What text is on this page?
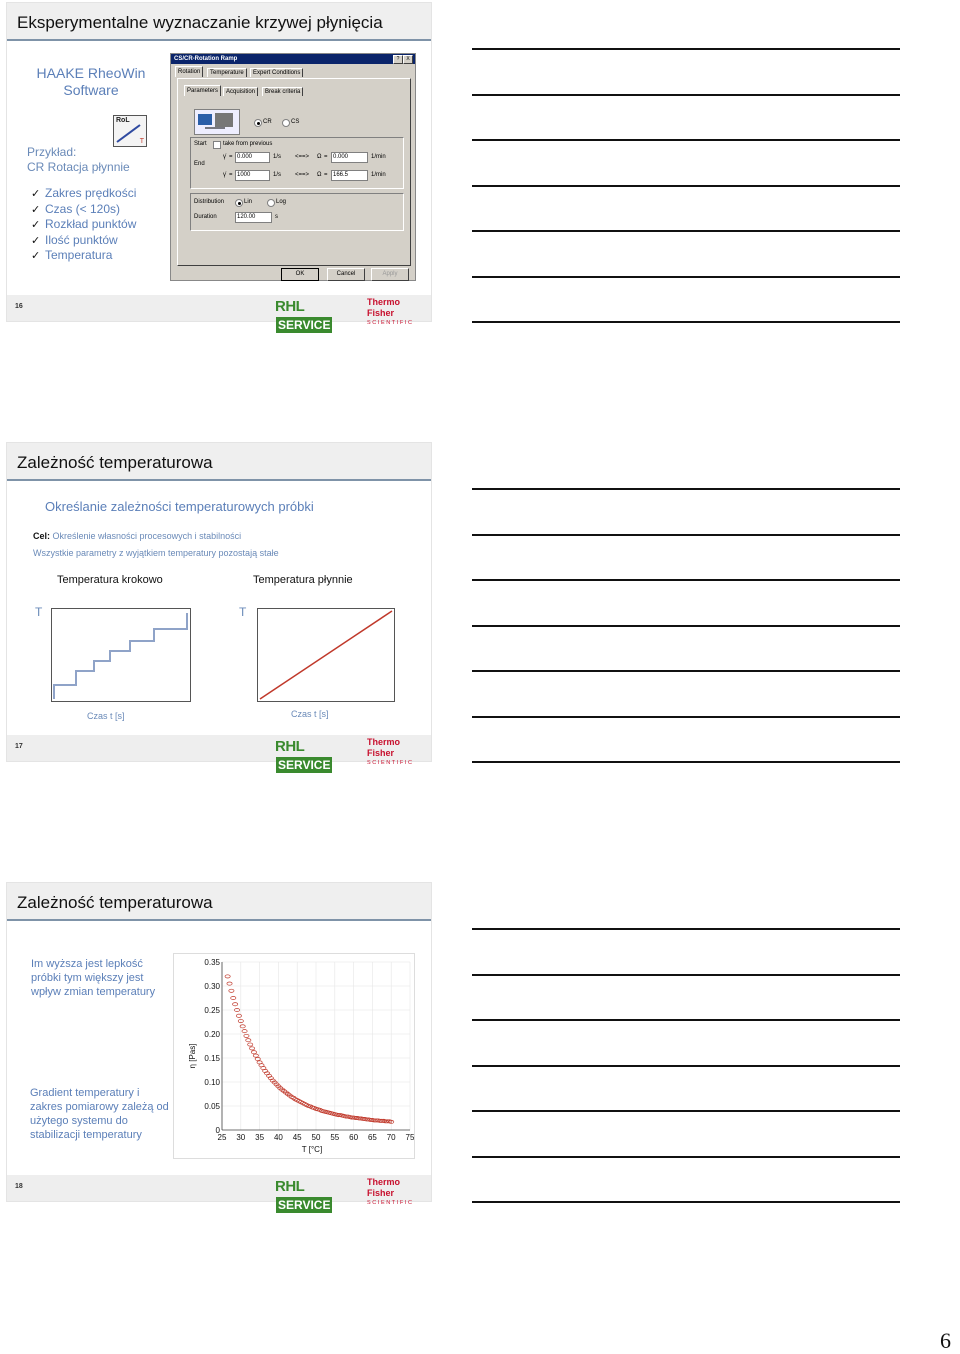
Eksperymentalne wyznaczanie krzywej płynięcia
HAAKE RheoWin
Software
RoL
T
Przykład:
CR Rotacja płynnie
✓ Zakres prędkości
✓ Czas (< 120s)
✓ Rozkład punktów
✓ Ilość punktów
✓ Temperatura
CS/CR-Rotation Ramp	?	X
Rotation	Temperature	Expert Conditions
Parameters	Acquisition	Break criteria
CR	CS
Start	take from previous
γ̇ = 0.000	1/s <==> Ω = 0.000	1/min
End
γ̇ = 1000	1/s <==> Ω = 166.5	1/min
Distribution	Lin	Log
Duration	120.00	s
OK	Cancel	Apply
16	RHLSERVICE
Thermo Fisher
SCIENTIFIC
Zależność temperaturowa
Określanie zależności temperaturowych próbki
Cel: Określenie własności procesowych i stabilności
Wszystkie parametry z wyjątkiem temperatury pozostają stałe
Temperatura krokowo	Temperatura płynnie
T	T
Czas t [s]	Czas t [s]
17	RHLSERVICE
Thermo Fisher
SCIENTIFIC
Zależność temperaturowa
Im wyższa jest lepkość próbki tym większy jest wpływ zmian temperatury
Gradient temperatury i zakres pomiarowy zależą od użytego systemu do stabilizacji temperatury	25 30 35 40 45 50 55 60 65 70 75
0
0.05
0.10
0.15
0.20
0.25
0.30
0.35
η [Pas]
T [°C]
18	RHLSERVICE
Thermo Fisher
SCIENTIFIC
6
